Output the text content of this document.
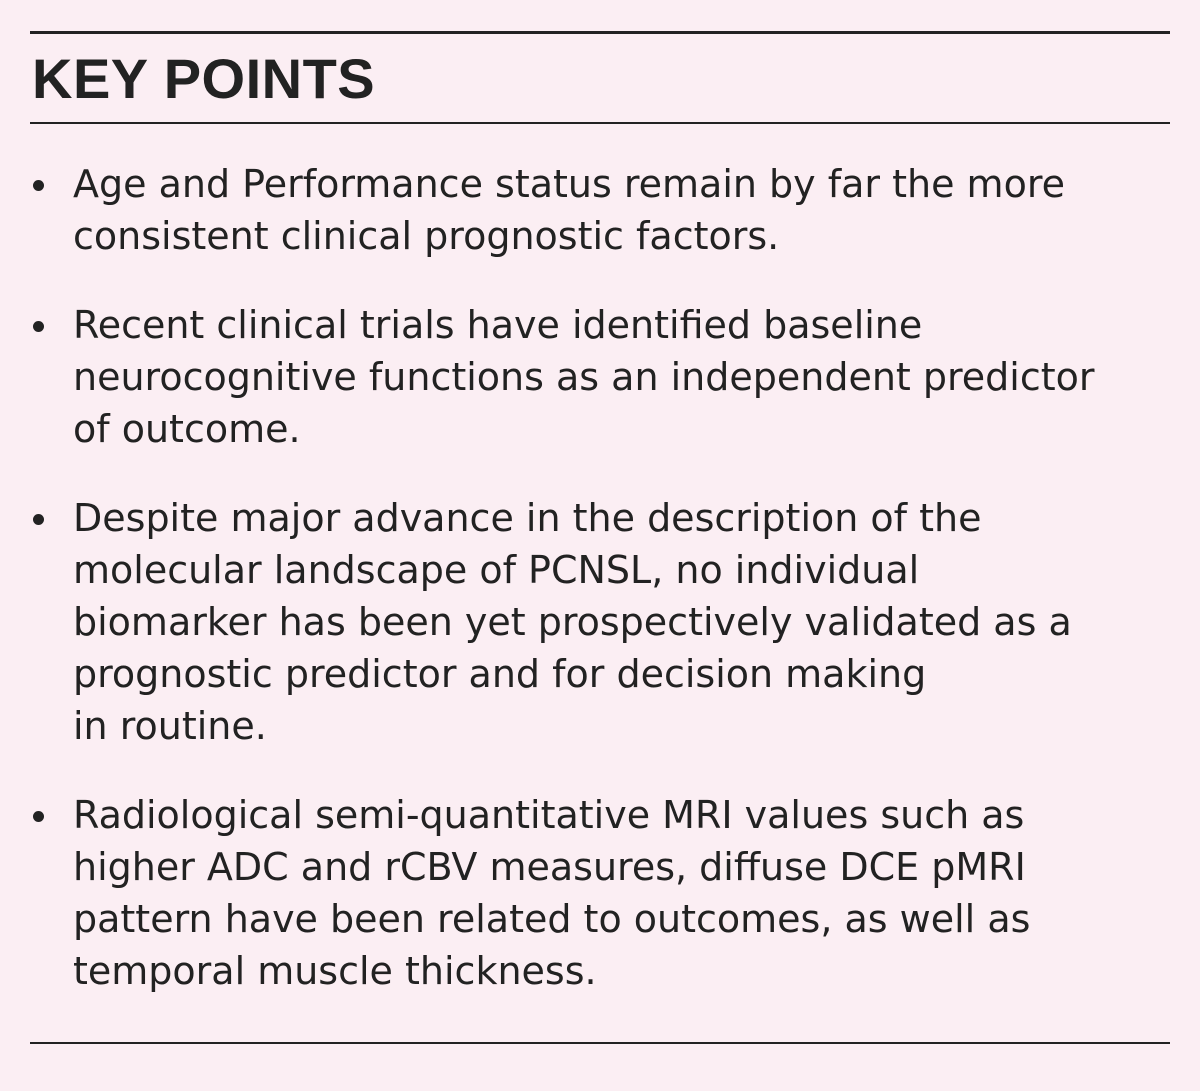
KEY POINTS
Age and Performance status remain by far the more
consistent clinical prognostic factors.
Recent clinical trials have identified baseline
neurocognitive functions as an independent predictor
of outcome.
Despite major advance in the description of the
molecular landscape of PCNSL, no individual
biomarker has been yet prospectively validated as a
prognostic predictor and for decision making
in routine.
Radiological semi-quantitative MRI values such as
higher ADC and rCBV measures, diffuse DCE pMRI
pattern have been related to outcomes, as well as
temporal muscle thickness.
